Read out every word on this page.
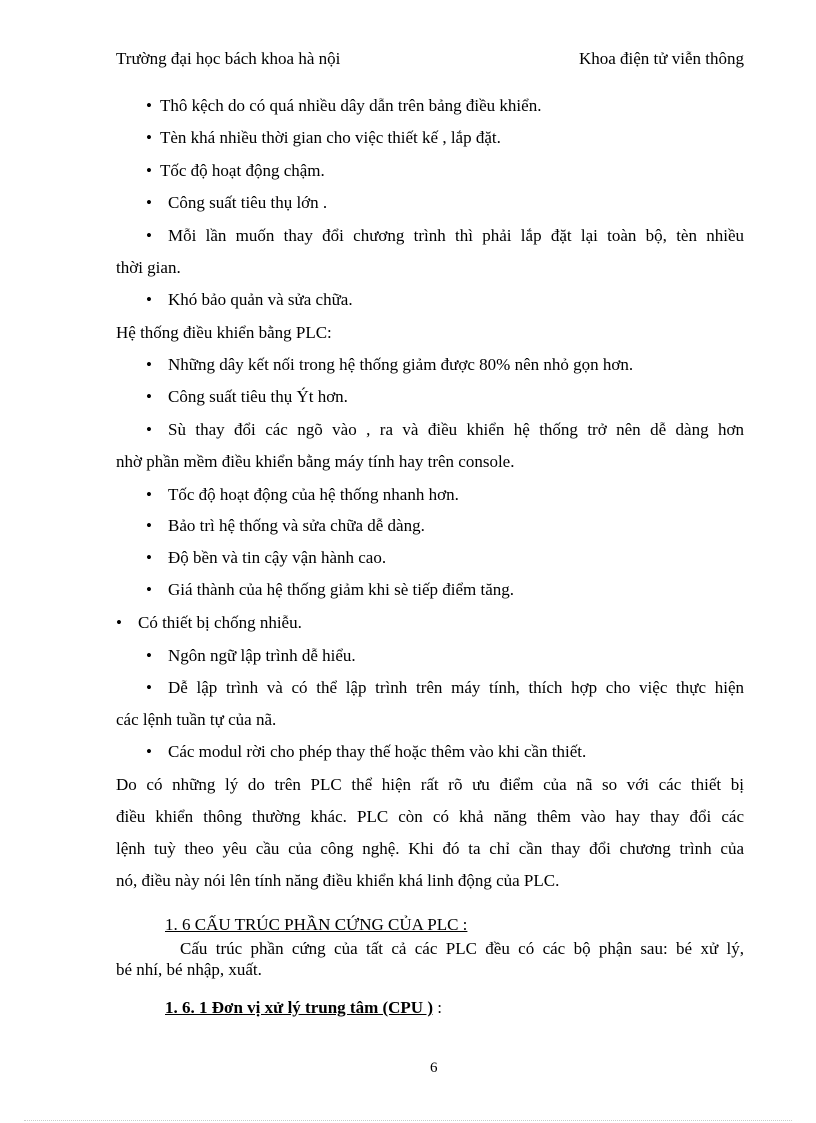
Trường đại học bách khoa hà nội	Khoa điện tử viễn thông
• Thô kệch do có quá nhiều dây dẫn trên bảng điều khiển.
• Tèn khá nhiều thời gian cho việc thiết kế , lắp đặt.
• Tốc độ hoạt động chậm.
• Công suất tiêu thụ lớn .
• Mỗi lần muốn thay đổi chương trình thì phải lắp đặt lại toàn bộ, tèn nhiều
thời gian.
• Khó bảo quản và sửa chữa.
Hệ thống điều khiển bằng PLC:
• Những dây kết nối trong hệ thống giảm được 80% nên nhỏ gọn hơn.
• Công suất tiêu thụ Ýt hơn.
• Sù thay đổi các ngõ vào , ra và điều khiển hệ thống trở nên dễ dàng hơn
nhờ phần mềm điều khiển bằng máy tính hay trên console.
• Tốc độ hoạt động của hệ thống nhanh hơn.
• Bảo trì hệ thống và sửa chữa dễ dàng.
• Độ bền và tin cậy vận hành cao.
• Giá thành của hệ thống giảm khi sè tiếp điểm tăng.
• Có thiết bị chống nhiễu.
• Ngôn ngữ lập trình dễ hiểu.
• Dễ lập trình và có thể lập trình trên máy tính, thích hợp cho việc thực hiện
các lệnh tuần tự của nã.
• Các modul rời cho phép thay thế hoặc thêm vào khi cần thiết.
Do có những lý do trên PLC thể hiện rất rõ ưu điểm của nã so với các thiết bị
điều khiển thông thường khác. PLC còn có khả năng thêm vào hay thay đổi các
lệnh tuỳ theo yêu cầu của công nghệ. Khi đó ta chỉ cần thay đổi chương trình của
nó, điều này nói lên tính năng điều khiển khá linh động của PLC.
1. 6 CẤU TRÚC PHẦN CỨNG CỦA PLC :
Cấu trúc phần cứng của tất cả các PLC đều có các bộ phận sau: bé xử lý,
bé nhí, bé nhập, xuất.
1. 6. 1 Đơn vị xử lý trung tâm (CPU ) :
6
